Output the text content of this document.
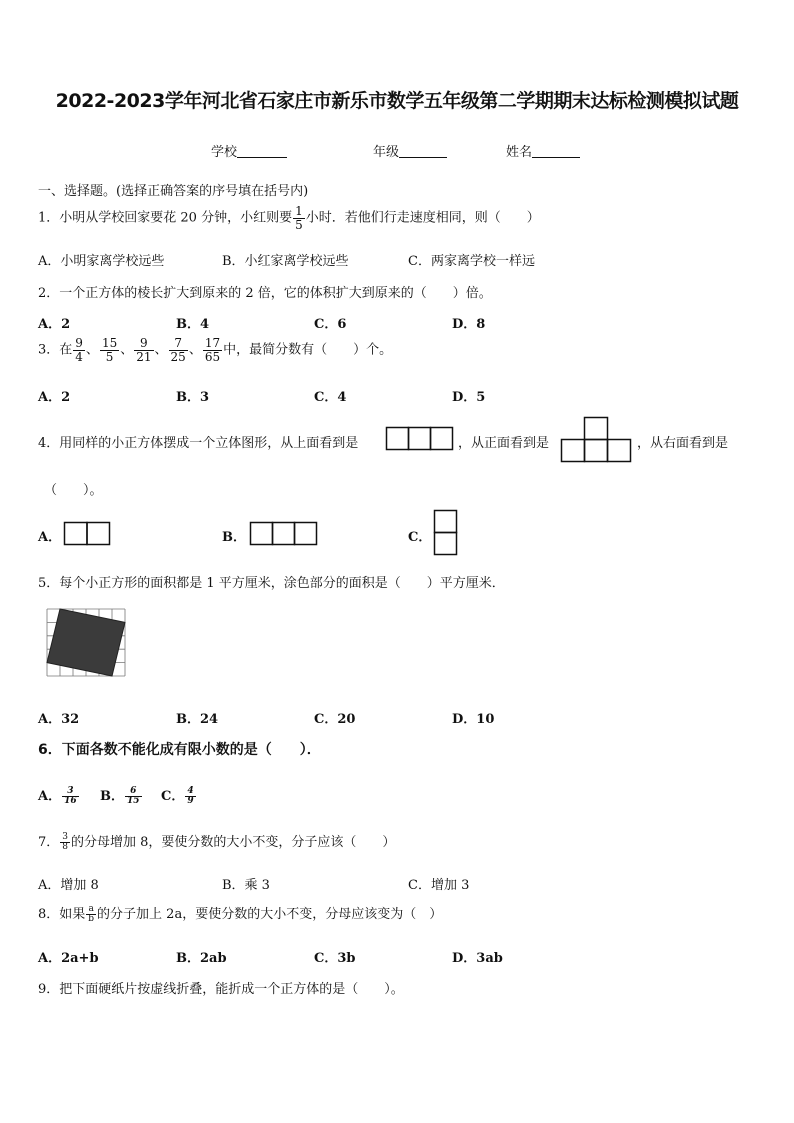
2022-2023学年河北省石家庄市新乐市数学五年级第二学期期末达标检测模拟试题
学校	年级	姓名
一、选择题。(选择正确答案的序号填在括号内)
1．小明从学校回家要花 20 分钟，小红则要 $\frac{1}{5}$ 小时．若他们行走速度相同，则（　　）
A．小明家离学校远些	B．小红家离学校远些	C．两家离学校一样远
2．一个正方体的棱长扩大到原来的 2 倍，它的体积扩大到原来的（　　）倍。
A．2	B．4	C．6	D．8
3．在 $\frac{9}{4}$ 、 $\frac{15}{5}$ 、 $\frac{9}{21}$ 、 $\frac{7}{25}$ 、 $\frac{17}{65}$ 中，最简分数有（　　）个。
A．2	B．3	C．4	D．5
4．用同样的小正方体摆成一个立体图形，从上面看到是	，从正面看到是	，从右面看到是
（　　）。
A．	B．	C．
5．每个小正方形的面积都是 1 平方厘米，涂色部分的面积是（　　）平方厘米．
A．32	B．24	C．20	D．10
6．下面各数不能化成有限小数的是（　　）．
A． $\frac{3}{16}$ B． $\frac{6}{15}$ C． $\frac{4}{9}$
7． $\frac{3}{8}$ 的分母增加 8，要使分数的大小不变，分子应该（　　）
A．增加 8	B．乘 3	C．增加 3
8．如果 $\frac{a}{b}$ 的分子加上 2a，要使分数的大小不变，分母应该变为（　）
A．2a+b	B．2ab	C．3b	D．3ab
9．把下面硬纸片按虚线折叠，能折成一个正方体的是（　　）。
